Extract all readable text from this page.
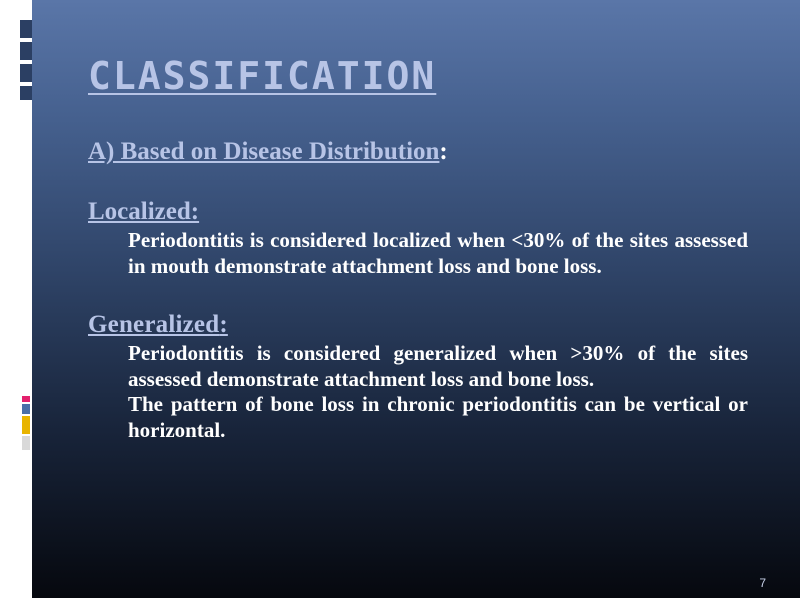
CLASSIFICATION

A) Based on Disease Distribution:

Localized:

Periodontitis is considered localized when <30% of the sites assessed in mouth demonstrate attachment loss and bone loss.

Generalized:

Periodontitis is considered generalized when >30% of the sites assessed demonstrate attachment loss and bone loss.

The pattern of bone loss in chronic periodontitis can be vertical or horizontal.

7
